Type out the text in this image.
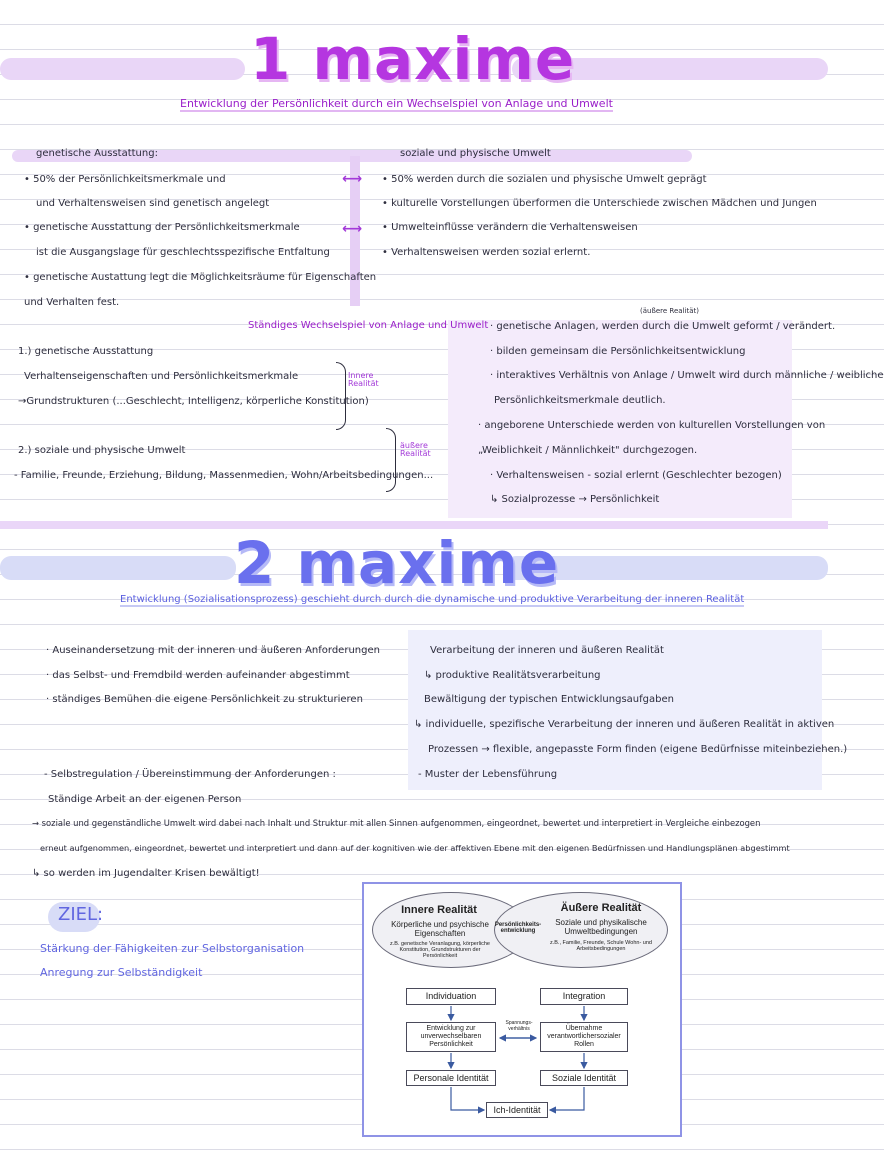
1 maxime
Entwicklung der Persönlichkeit durch ein Wechselspiel von Anlage und Umwelt
genetische Ausstattung:
• 50% der Persönlichkeitsmerkmale und
und Verhaltensweisen sind genetisch angelegt
• genetische Ausstattung der Persönlichkeitsmerkmale
ist die Ausgangslage für geschlechtsspezifische Entfaltung
• genetische Austattung legt die Möglichkeitsräume für Eigenschaften
und Verhalten fest.
⟷
⟷
soziale und physische Umwelt
• 50% werden durch die sozialen und physische Umwelt geprägt
• kulturelle Vorstellungen überformen die Unterschiede zwischen Mädchen und Jungen
• Umwelteinflüsse verändern die Verhaltensweisen
• Verhaltensweisen werden sozial erlernt.
Ständiges Wechselspiel von Anlage und Umwelt
(äußere Realität)
· genetische Anlagen, werden durch die Umwelt geformt / verändert.
· bilden gemeinsam die Persönlichkeitsentwicklung
· interaktives Verhältnis von Anlage / Umwelt wird durch männliche / weibliche
Persönlichkeitsmerkmale deutlich.
· angeborene Unterschiede werden von kulturellen Vorstellungen von
„Weiblichkeit / Männlichkeit" durchgezogen.
· Verhaltensweisen - sozial erlernt (Geschlechter bezogen)
↳ Sozialprozesse → Persönlichkeit
1.) genetische Ausstattung
Verhaltenseigenschaften und Persönlichkeitsmerkmale
→Grundstrukturen (...Geschlecht, Intelligenz, körperliche Konstitution)
Innere Realität
2.) soziale und physische Umwelt
- Familie, Freunde, Erziehung, Bildung, Massenmedien, Wohn/Arbeitsbedingungen...
äußere Realität
2 maxime
Entwicklung (Sozialisationsprozess) geschieht durch durch die dynamische und produktive Verarbeitung der inneren Realität
· Auseinandersetzung mit der inneren und äußeren Anforderungen
· das Selbst- und Fremdbild werden aufeinander abgestimmt
· ständiges Bemühen die eigene Persönlichkeit zu strukturieren
Verarbeitung der inneren und äußeren Realität
↳ produktive Realitätsverarbeitung
Bewältigung der typischen Entwicklungsaufgaben
↳ individuelle, spezifische Verarbeitung der inneren und äußeren Realität in aktiven
Prozessen → flexible, angepasste Form finden (eigene Bedürfnisse miteinbeziehen.)
- Muster der Lebensführung
- Selbstregulation / Übereinstimmung der Anforderungen :
Ständige Arbeit an der eigenen Person
→ soziale und gegenständliche Umwelt wird dabei nach Inhalt und Struktur mit allen Sinnen aufgenommen, eingeordnet, bewertet und interpretiert in Vergleiche einbezogen
erneut aufgenommen, eingeordnet, bewertet und interpretiert und dann auf der kognitiven wie der affektiven Ebene mit den eigenen Bedürfnissen und Handlungsplänen abgestimmt
↳ so werden im Jugendalter Krisen bewältigt!
ZIEL:
Stärkung der Fähigkeiten zur Selbstorganisation
Anregung zur Selbständigkeit
Innere Realität
Körperliche und psychische Eigenschaften
z.B. genetische Veranlagung, körperliche Konstitution, Grundstrukturen der Persönlichkeit
Persönlichkeits-entwicklung
Äußere Realität
Soziale und physikalische Umweltbedingungen
z.B., Familie, Freunde, Schule Wohn- und Arbeitsbedingungen
Individuation	Integration
Entwicklung zur unverwechselbaren Persönlichkeit
Spannungs-verhältnis	Übernahme verantwortlichersozialer Rollen
Personale Identität	Soziale Identität
Ich-Identität
